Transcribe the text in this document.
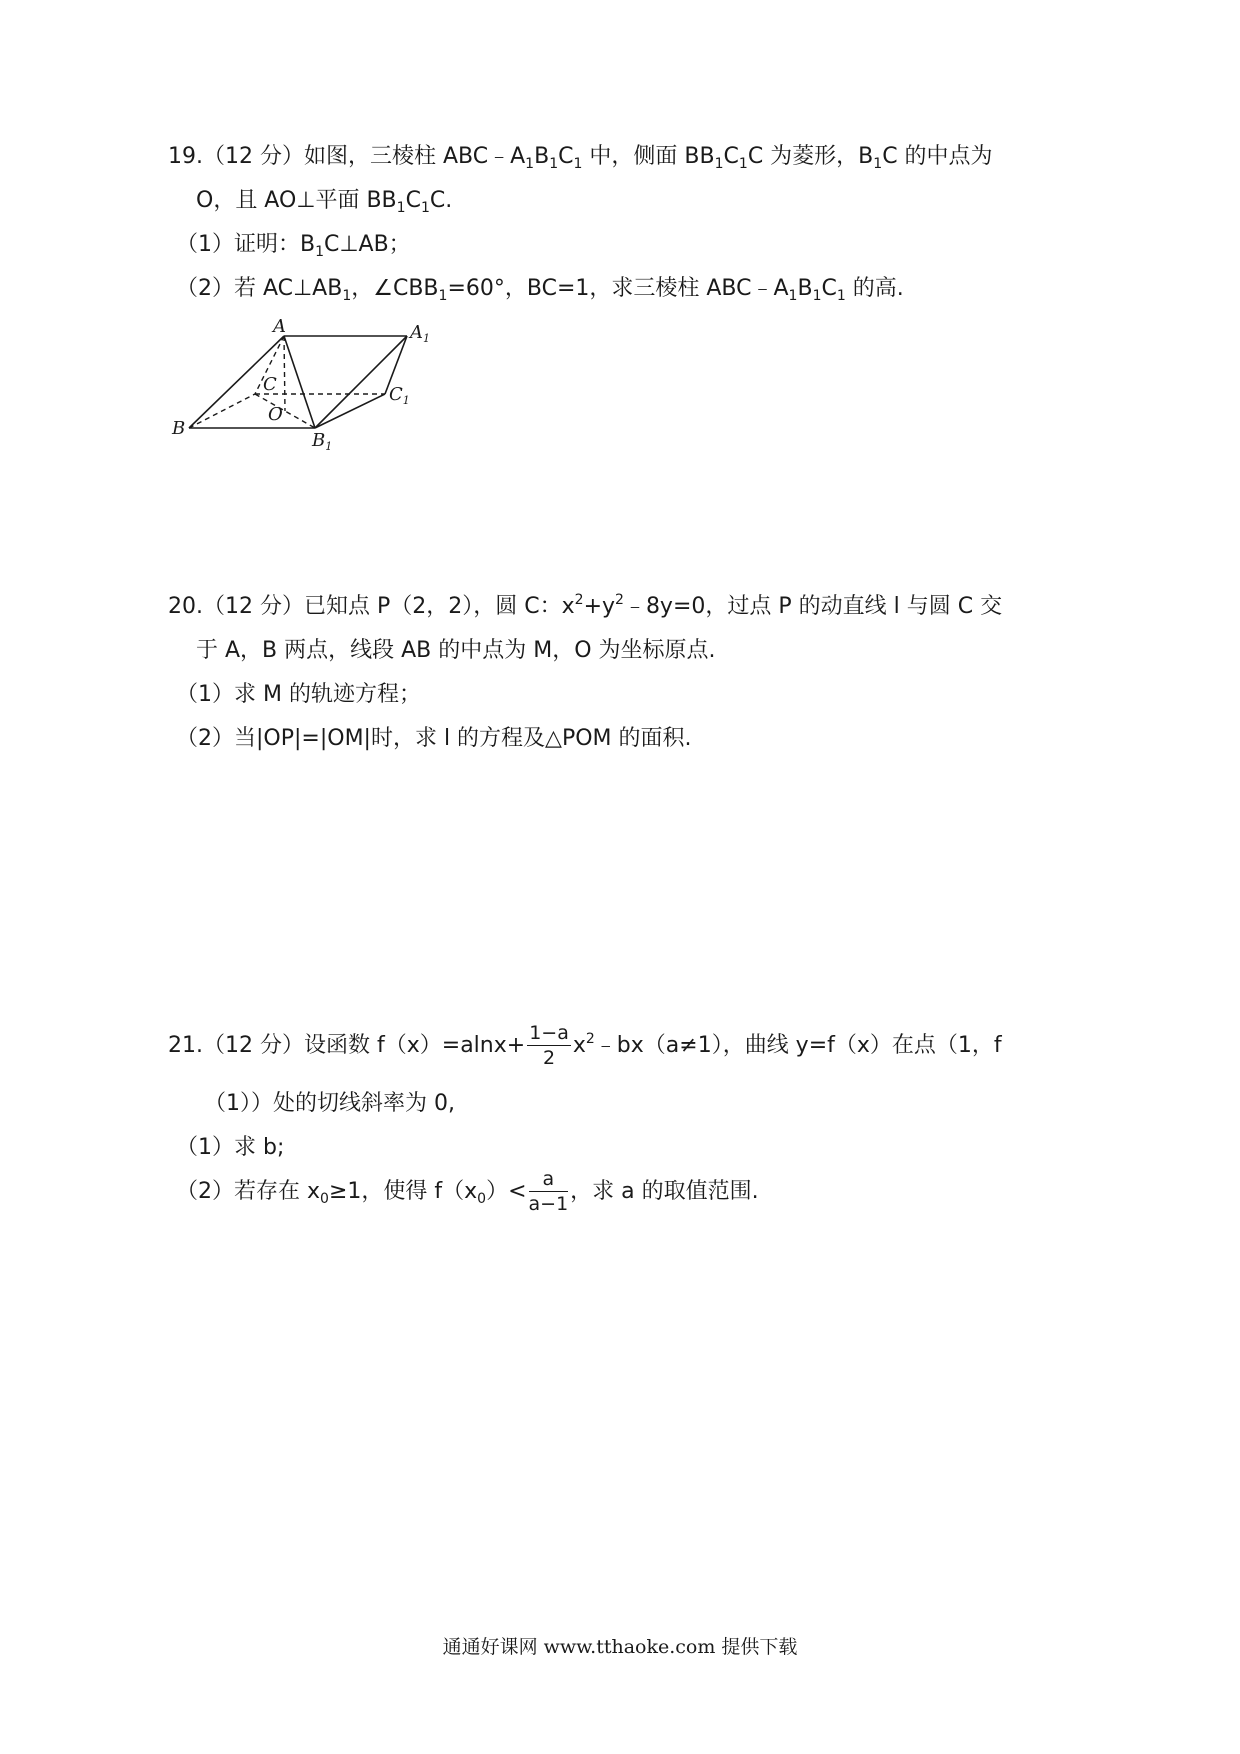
19.（12 分）如图，三棱柱 $ABC﹣A_1B_1C_1$ 中，侧面 $BB_1C_1C$ 为菱形，$B_1C$ 的中点为
O，且 AO⊥平面 $BB_1C_1C$.
（1）证明：$B_1C\perp AB$；
（2）若 $AC\perp AB_1$，$\angle CBB_1=60^\circ$，BC=1，求三棱柱 $ABC﹣A_1B_1C_1$ 的高.
A	$A_1$
C	$C_1$
O
B
$B_1$
20.（12 分）已知点 P（2，2），圆 C：$x^2+y^2﹣8y=0$，过点 P 的动直线 l 与圆 C 交
于 A，B 两点，线段 AB 的中点为 M，O 为坐标原点.
（1）求 M 的轨迹方程；
（2）当|OP|=|OM|时，求 l 的方程及△POM 的面积.
21.（12 分）设函数 $f(x)=alnx+ \frac{1-a}{2}$ $x^2﹣bx(a\ne 1)$，曲线 y=f（x）在点（1，f
（1））处的切线斜率为 0,
（1）求 b;
（2）若存在 $x_0\ge 1$，使得 $f(x_0)< \frac{a}{a-1}$ ，求 a 的取值范围.
通通好课网 www.tthaoke.com 提供下载
